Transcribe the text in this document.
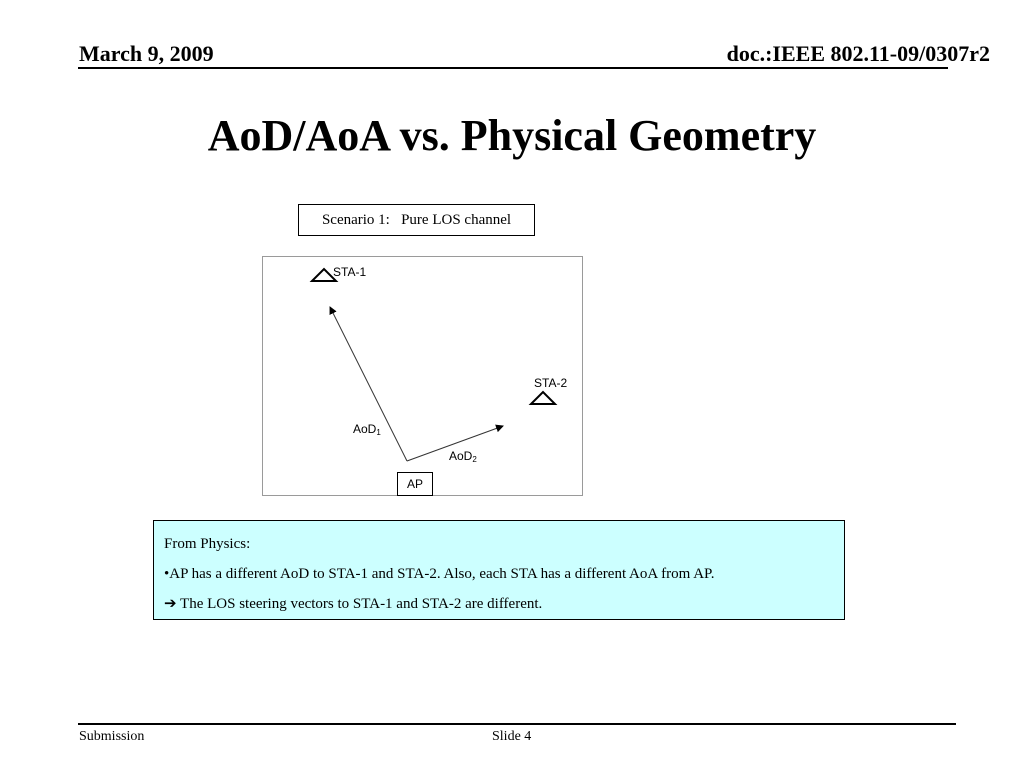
March 9, 2009	doc.:IEEE 802.11-09/0307r2
AoD/AoA vs. Physical Geometry
Scenario 1:   Pure LOS channel
STA-1
STA-2
AoD$_1$
AoD$_2$
AP
From Physics:
•AP has a different AoD to STA-1 and STA-2. Also, each STA has a different AoA from AP.
➔ The LOS steering vectors to STA-1 and STA-2 are different.
Submission	Slide 4
